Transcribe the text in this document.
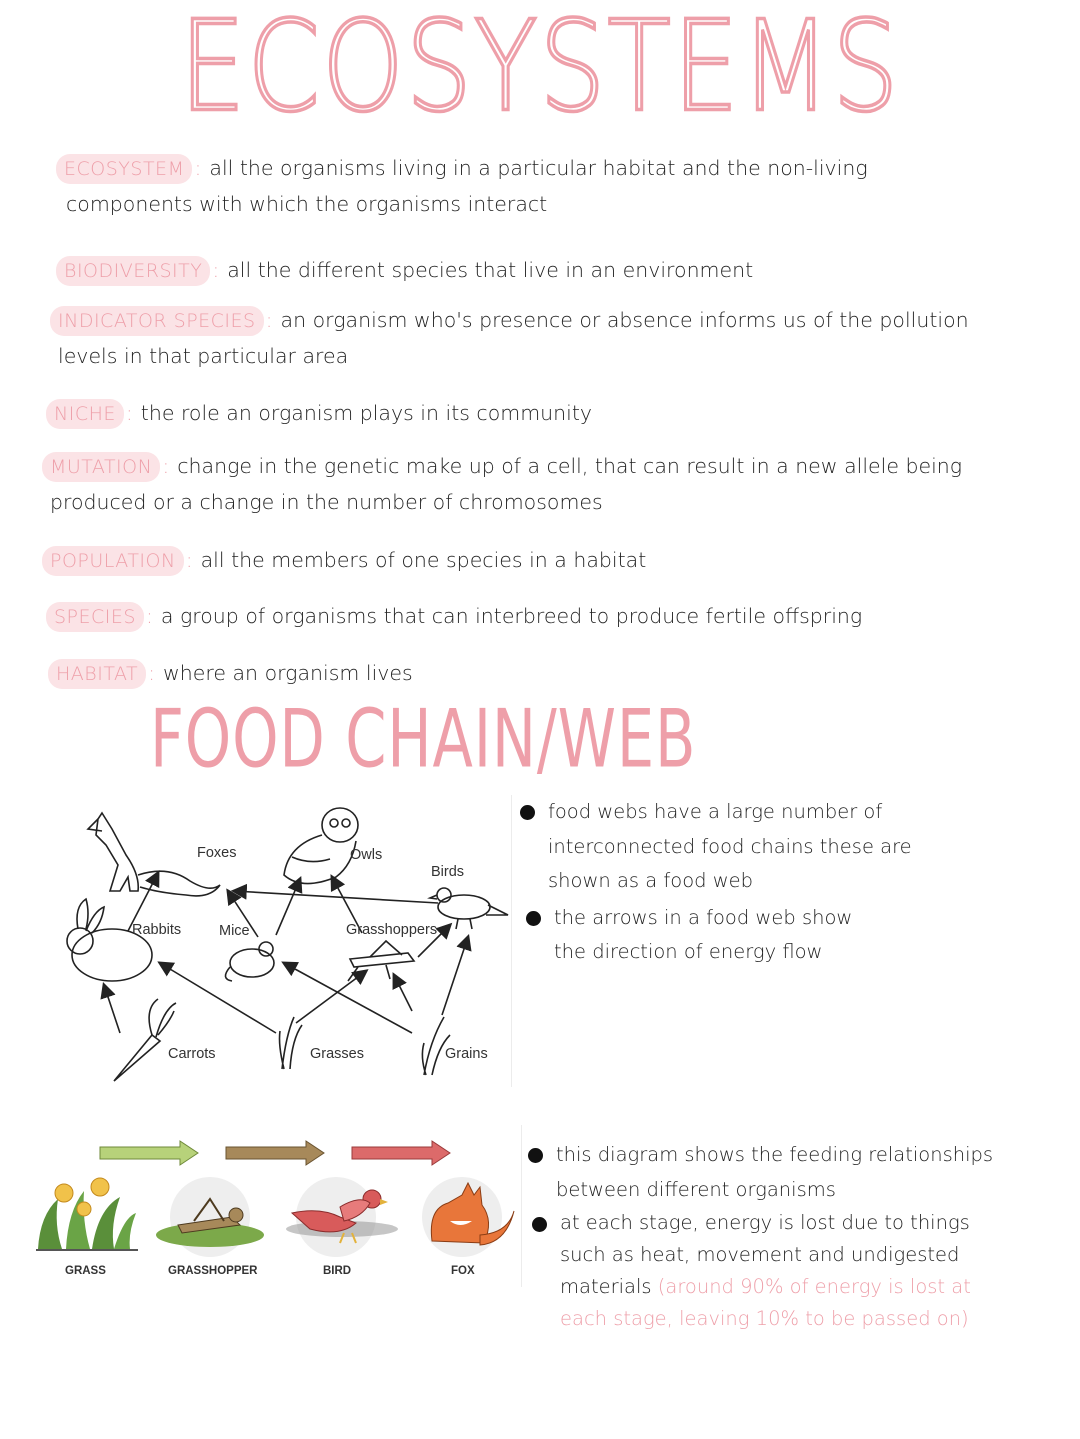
ECOSYSTEMS
ECOSYSTEM : all the organisms living in a particular habitat and the non-living
components with which the organisms interact
BIODIVERSITY : all the different species that live in an environment
INDICATOR SPECIES : an organism who's presence or absence informs us of the pollution
levels in that particular area
NICHE : the role an organism plays in its community
MUTATION : change in the genetic make up of a cell, that can result in a new allele being
produced or a change in the number of chromosomes
POPULATION : all the members of one species in a habitat
SPECIES : a group of organisms that can interbreed to produce fertile offspring
HABITAT : where an organism lives
FOOD CHAIN/WEB
Foxes	Owls
Birds
Rabbits	Mice	Grasshoppers
Carrots	Grasses	Grains

food webs have a large number of
interconnected food chains these are
shown as a food web

the arrows in a food web show
the direction of energy flow

GRASS	GRASSHOPPER	BIRD	FOX

this diagram shows the feeding relationships
between different organisms

at each stage, energy is lost due to things
such as heat, movement and undigested
materials (around 90% of energy is lost at
each stage, leaving 10% to be passed on)
